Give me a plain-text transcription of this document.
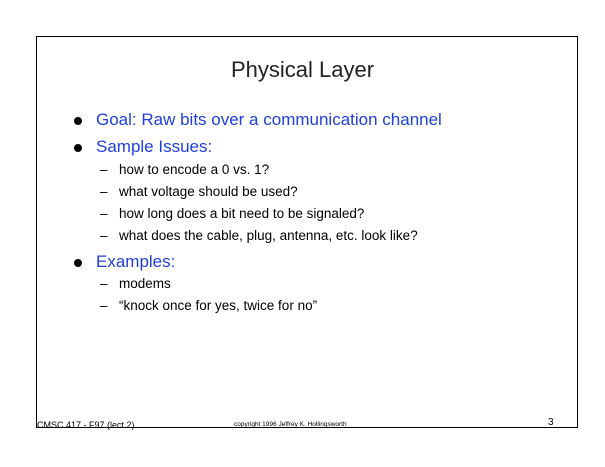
Physical Layer
Goal: Raw bits over a communication channel
Sample Issues:
– how to encode a 0 vs. 1?
– what voltage should be used?
– how long does a bit need to be signaled?
– what does the cable, plug, antenna, etc. look like?
Examples:
– modems
– “knock once for yes, twice for no”
CMSC 417 - F97 (lect 2)	copyright 1996 Jeffrey K. Hollingsworth	3
